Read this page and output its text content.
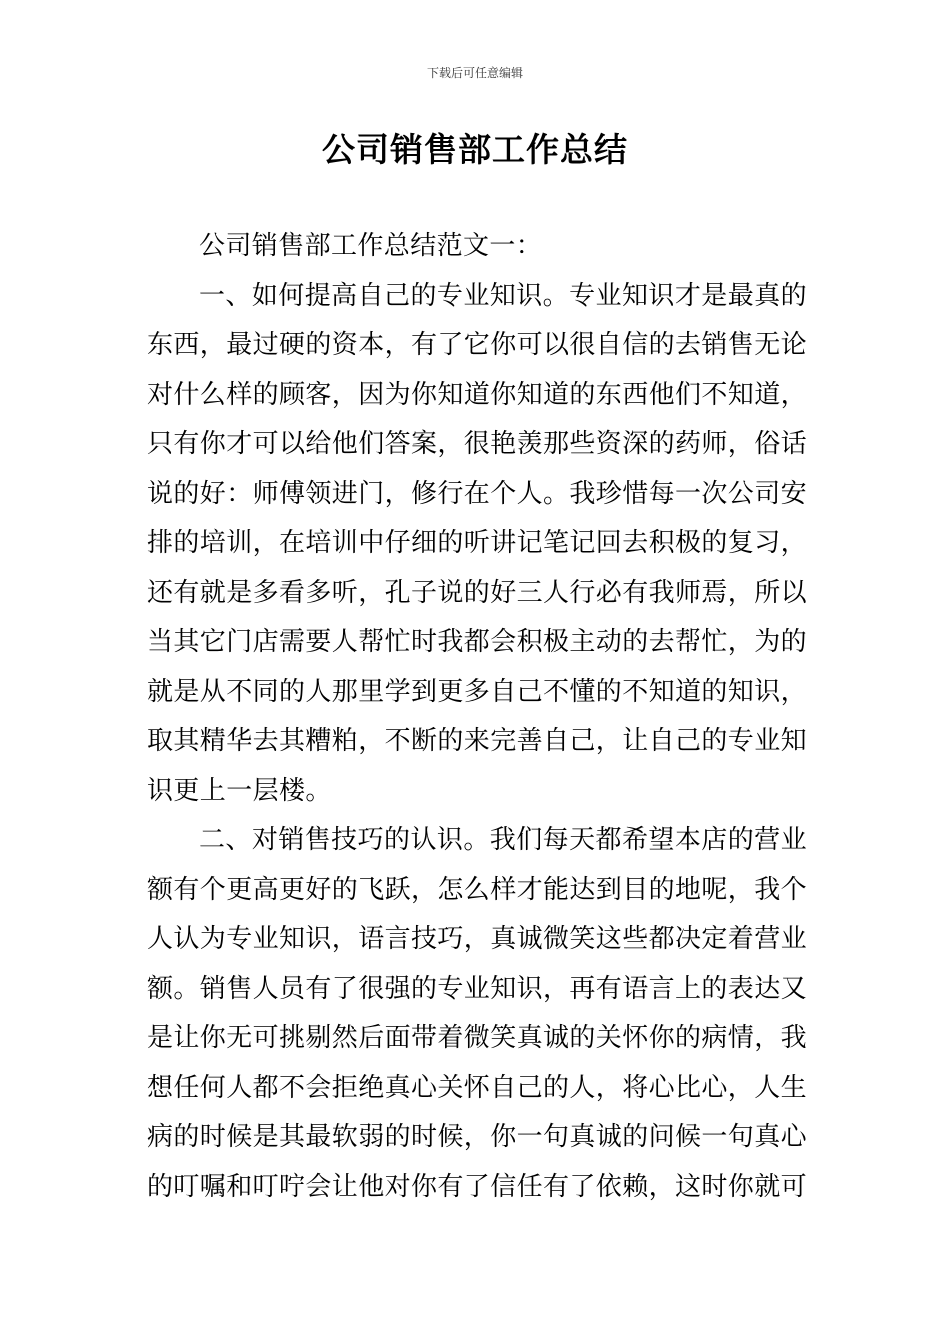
下载后可任意编辑
公司销售部工作总结

公司销售部工作总结范文一：

一、如何提高自己的专业知识。专业知识才是最真的东西，最过硬的资本，有了它你可以很自信的去销售无论对什么样的顾客，因为你知道你知道的东西他们不知道，只有你才可以给他们答案，很艳羡那些资深的药师，俗话说的好：师傅领进门，修行在个人。我珍惜每一次公司安排的培训，在培训中仔细的听讲记笔记回去积极的复习，还有就是多看多听，孔子说的好三人行必有我师焉，所以当其它门店需要人帮忙时我都会积极主动的去帮忙，为的就是从不同的人那里学到更多自己不懂的不知道的知识，取其精华去其糟粕，不断的来完善自己，让自己的专业知识更上一层楼。

二、对销售技巧的认识。我们每天都希望本店的营业额有个更高更好的飞跃，怎么样才能达到目的地呢，我个人认为专业知识，语言技巧，真诚微笑这些都决定着营业额。销售人员有了很强的专业知识，再有语言上的表达又是让你无可挑剔然后面带着微笑真诚的关怀你的病情，我想任何人都不会拒绝真心关怀自己的人，将心比心，人生病的时候是其最软弱的时候，你一句真诚的问候一句真心的叮嘱和叮咛会让他对你有了信任有了依赖，这时你就可
